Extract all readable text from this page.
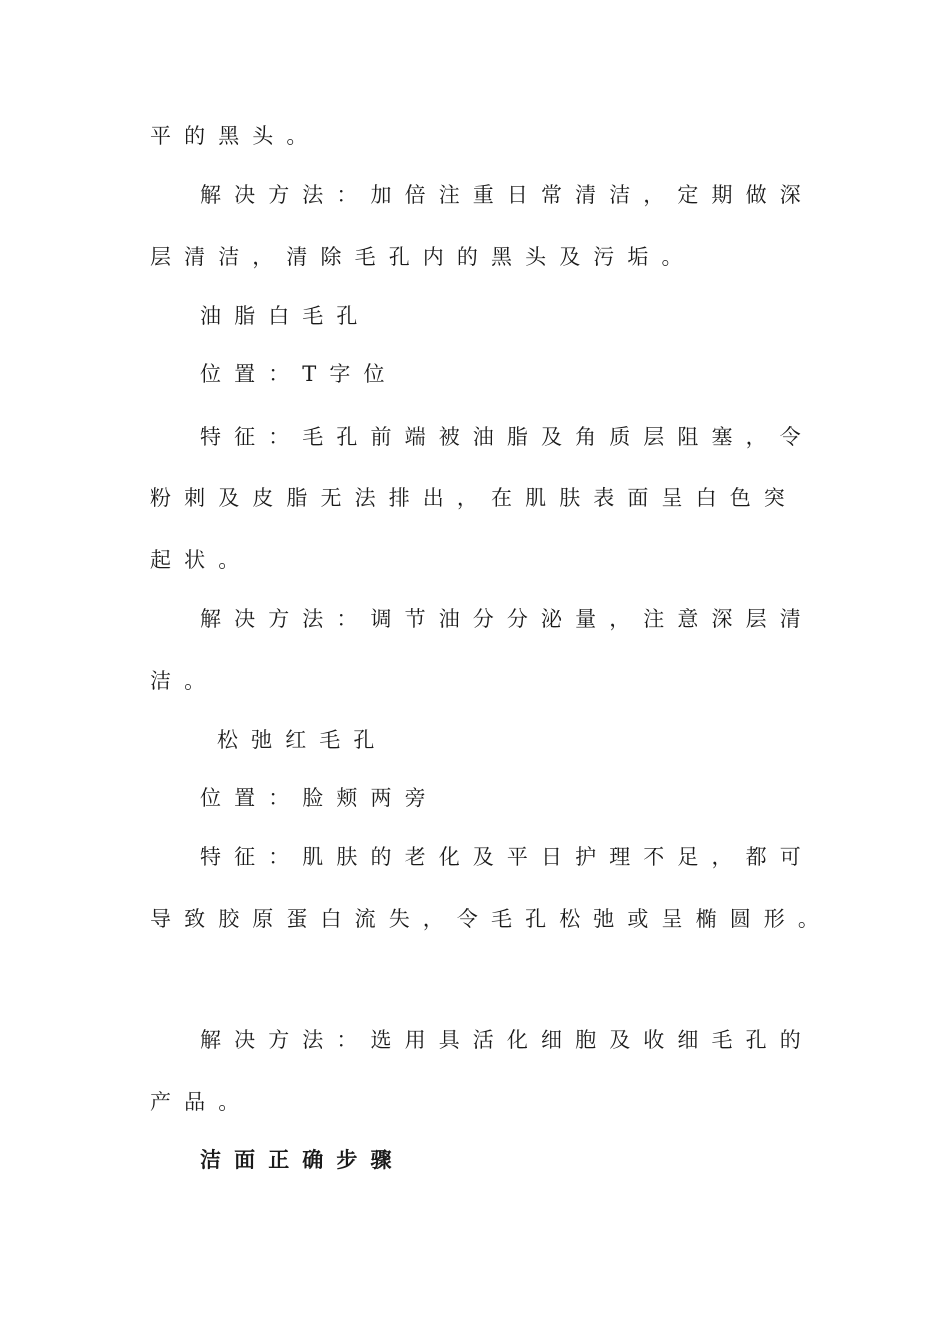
平的黑头。
解决方法：加倍注重日常清洁，定期做深
层清洁，清除毛孔内的黑头及污垢。
油脂白毛孔
位置：T字位
特征：毛孔前端被油脂及角质层阻塞，令
粉刺及皮脂无法排出，在肌肤表面呈白色突
起状。
解决方法：调节油分分泌量，注意深层清
洁。
松弛红毛孔
位置：脸颊两旁
特征：肌肤的老化及平日护理不足，都可
导致胶原蛋白流失，令毛孔松弛或呈椭圆形。
解决方法：选用具活化细胞及收细毛孔的
产品。
洁面正确步骤
